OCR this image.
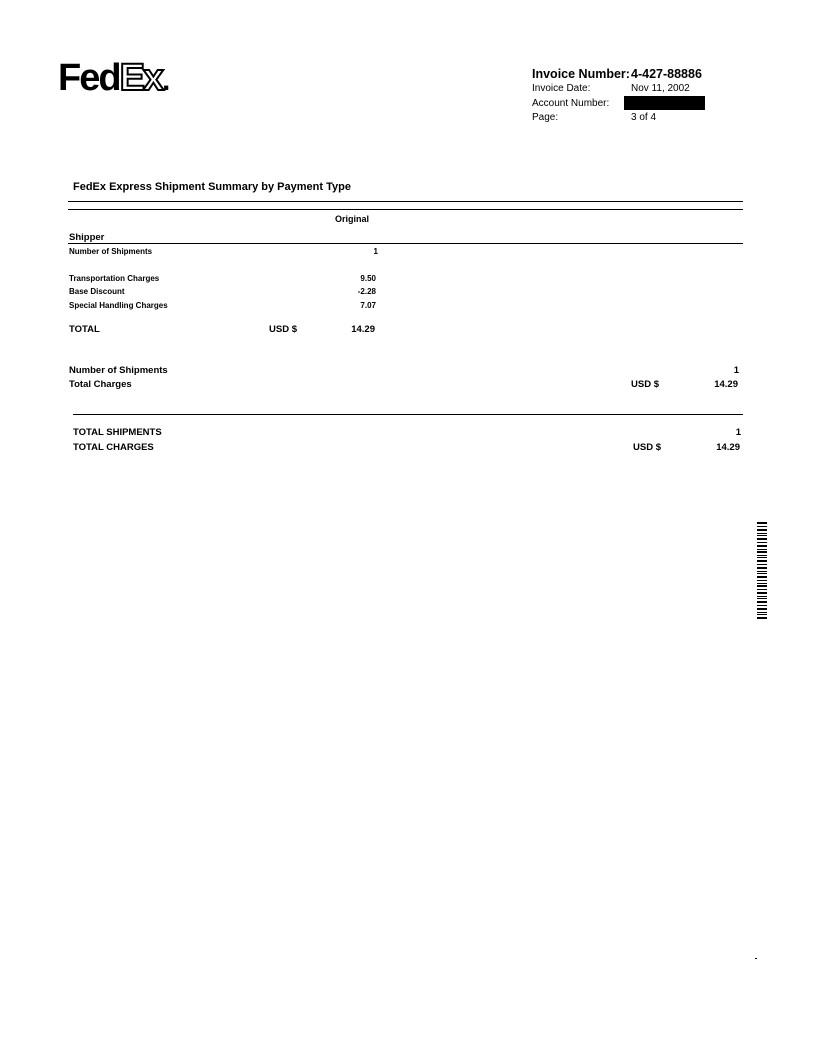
FedEx.	Invoice Number: 4-427-88886
Invoice Date:	Nov 11, 2002
Account Number:
Page:	3 of 4
FedEx Express Shipment Summary by Payment Type
Original
Shipper
Number of Shipments	1
Transportation Charges	9.50
Base Discount	-2.28
Special Handling Charges	7.07
TOTAL	USD $	14.29
Number of Shipments	1
Total Charges	USD $	14.29
TOTAL SHIPMENTS	1
TOTAL CHARGES	USD $	14.29
